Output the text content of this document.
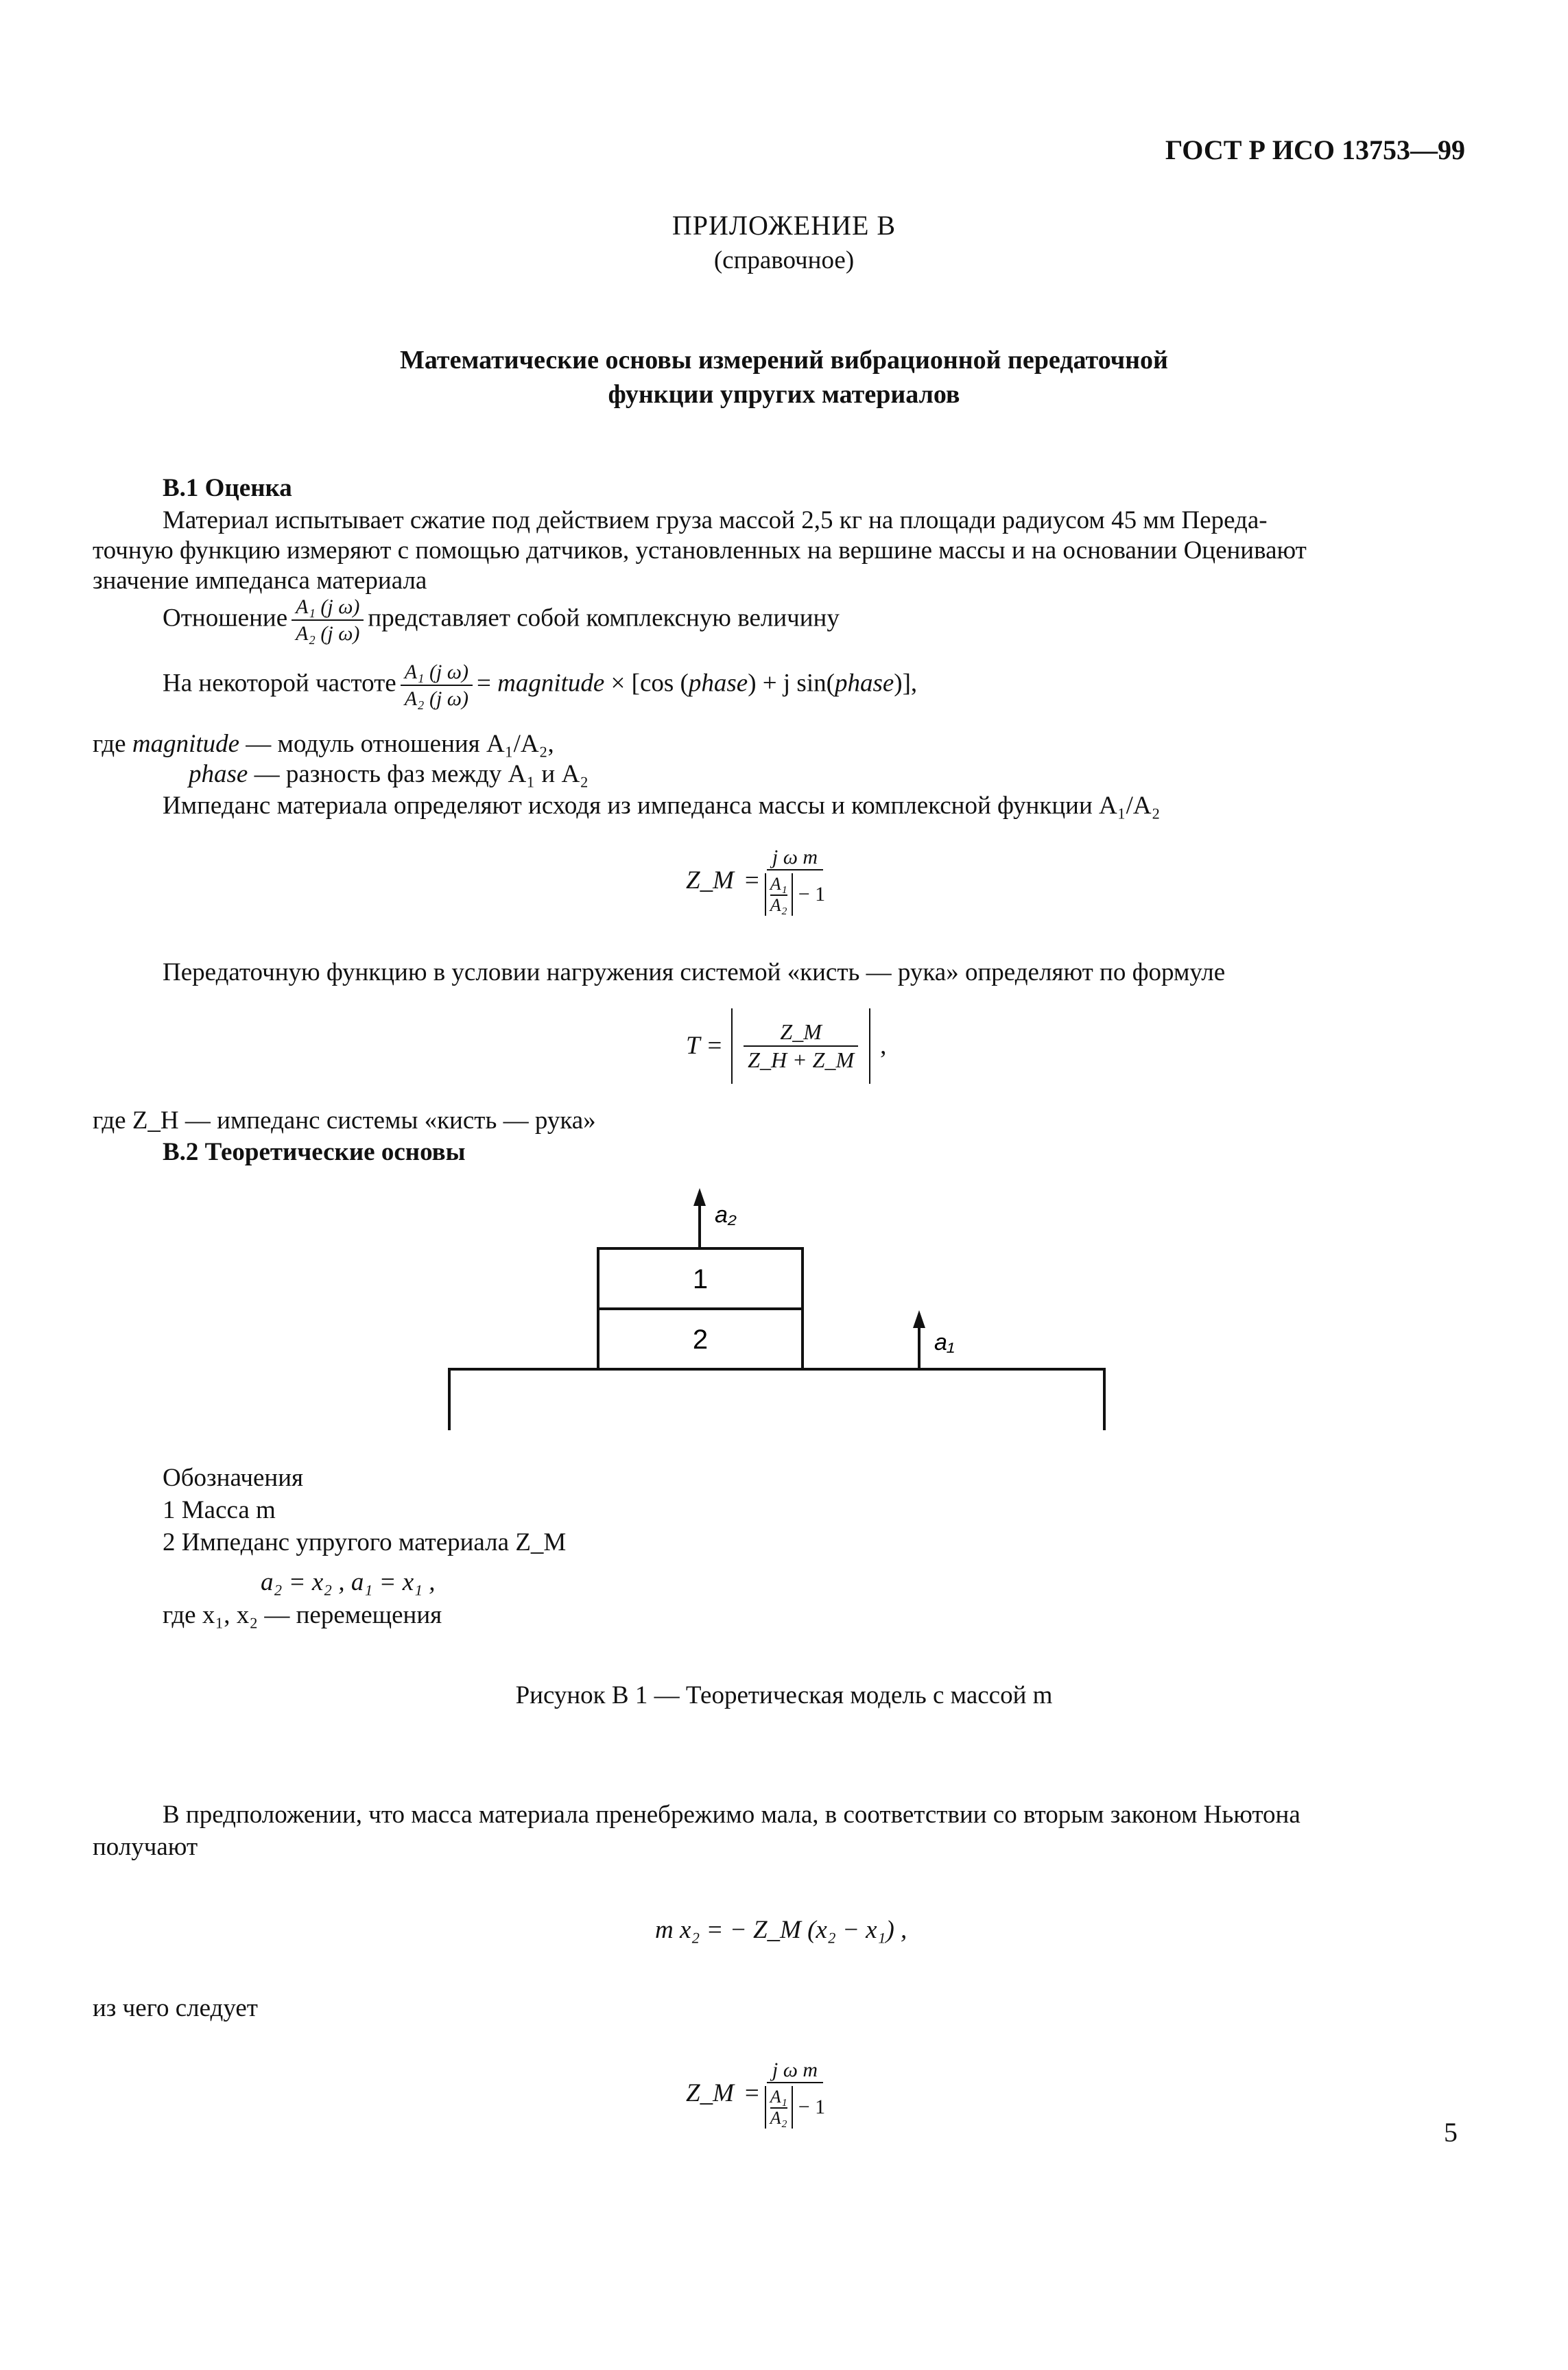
ГОСТ Р ИСО 13753—99
ПРИЛОЖЕНИЕ В
(справочное)
Математические основы измерений вибрационной передаточной
функции упругих материалов
В.1 Оценка
Материал испытывает сжатие под действием груза массой 2,5 кг на площади радиусом 45 мм Переда-
точную функцию измеряют с помощью датчиков, установленных на вершине массы и на основании Оценивают
значение импеданса материала
Отношение $\frac{\text{A₁ (j ω)}}{\text{A₂ (j ω)}}$ представляет собой комплексную величину
На некоторой частоте $\frac{\text{A₁ (j ω)}}{\text{A₂ (j ω)}}$ = magnitude × [cos (phase) + j sin(phase)],
где magnitude — модуль отношения A₁/A₂,
phase — разность фаз между A₁ и A₂
Импеданс материала определяют исходя из импеданса массы и комплексной функции A₁/A₂
Z_M =
j ω m
A₁
A₂ − 1
Передаточную функцию в условии нагружения системой «кисть — рука» определяют по формуле
$T = \frac{Z\_M}{Z\_H + Z\_M}$ ,
где Z_H — импеданс системы «кисть — рука»
В.2 Теоретические основы
a₂
1
2	a₁
Обозначения
1 Масса m
2 Импеданс упругого материала Z_M
a₂ = x₂ , a₁ = x₁ ,
где x₁, x₂ — перемещения
Рисунок В 1 — Теоретическая модель с массой m
В предположении, что масса материала пренебрежимо мала, в соответствии со вторым законом Ньютона
получают
m x₂ = − Z_M (x₂ − x₁) ,
из чего следует
Z_M =
j ω m
A₁
A₂ − 1
5
